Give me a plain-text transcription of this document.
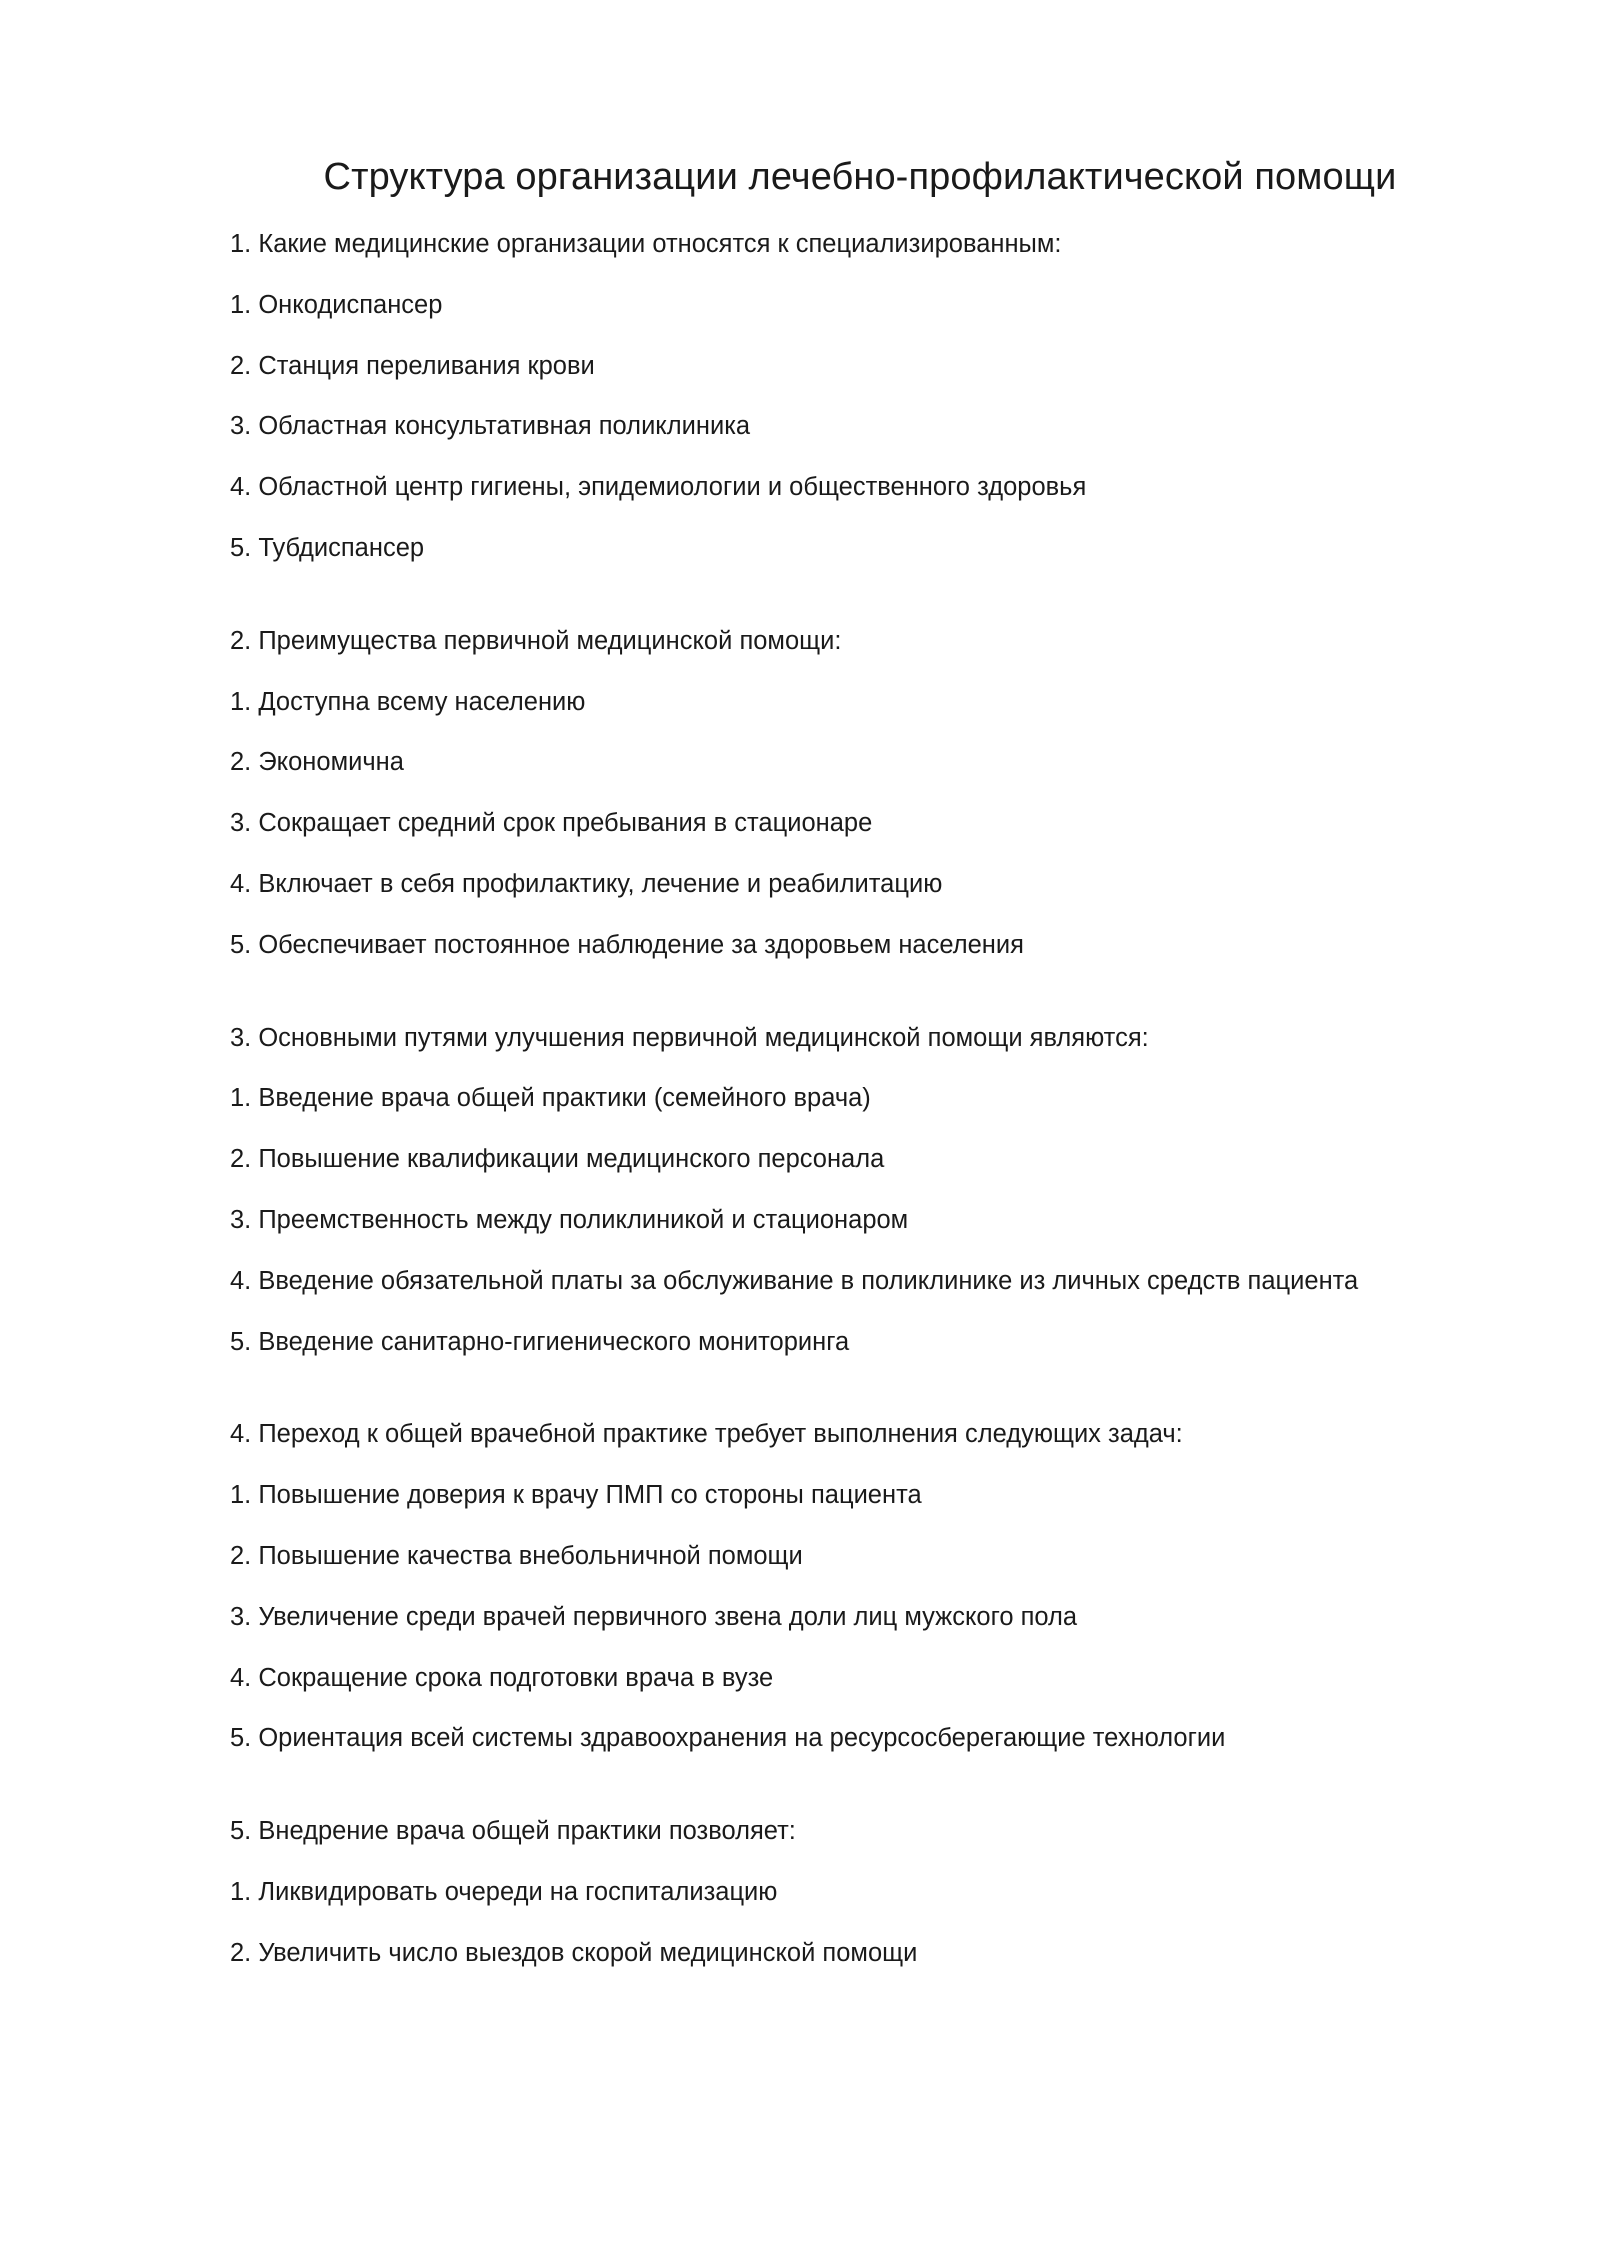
Структура организации лечебно-профилактической помощи
1. Какие медицинские организации относятся к специализированным:
1. Онкодиспансер
2. Станция переливания крови
3. Областная консультативная поликлиника
4. Областной центр гигиены, эпидемиологии и общественного здоровья
5. Тубдиспансер
2. Преимущества первичной медицинской помощи:
1. Доступна всему населению
2. Экономична
3. Сокращает средний срок пребывания в стационаре
4. Включает в себя профилактику, лечение и реабилитацию
5. Обеспечивает постоянное наблюдение за здоровьем населения
3. Основными путями улучшения первичной медицинской помощи являются:
1. Введение врача общей практики (семейного врача)
2. Повышение квалификации медицинского персонала
3. Преемственность между поликлиникой и стационаром
4. Введение обязательной платы за обслуживание в поликлинике из личных средств пациента
5. Введение санитарно-гигиенического мониторинга
4. Переход к общей врачебной практике требует выполнения следующих задач:
1. Повышение доверия к врачу ПМП со стороны пациента
2. Повышение качества внебольничной помощи
3. Увеличение среди врачей первичного звена доли лиц мужского пола
4. Сокращение срока подготовки врача в вузе
5. Ориентация всей системы здравоохранения на ресурсосберегающие технологии
5. Внедрение врача общей практики позволяет:
1. Ликвидировать очереди на госпитализацию
2. Увеличить число выездов скорой медицинской помощи
